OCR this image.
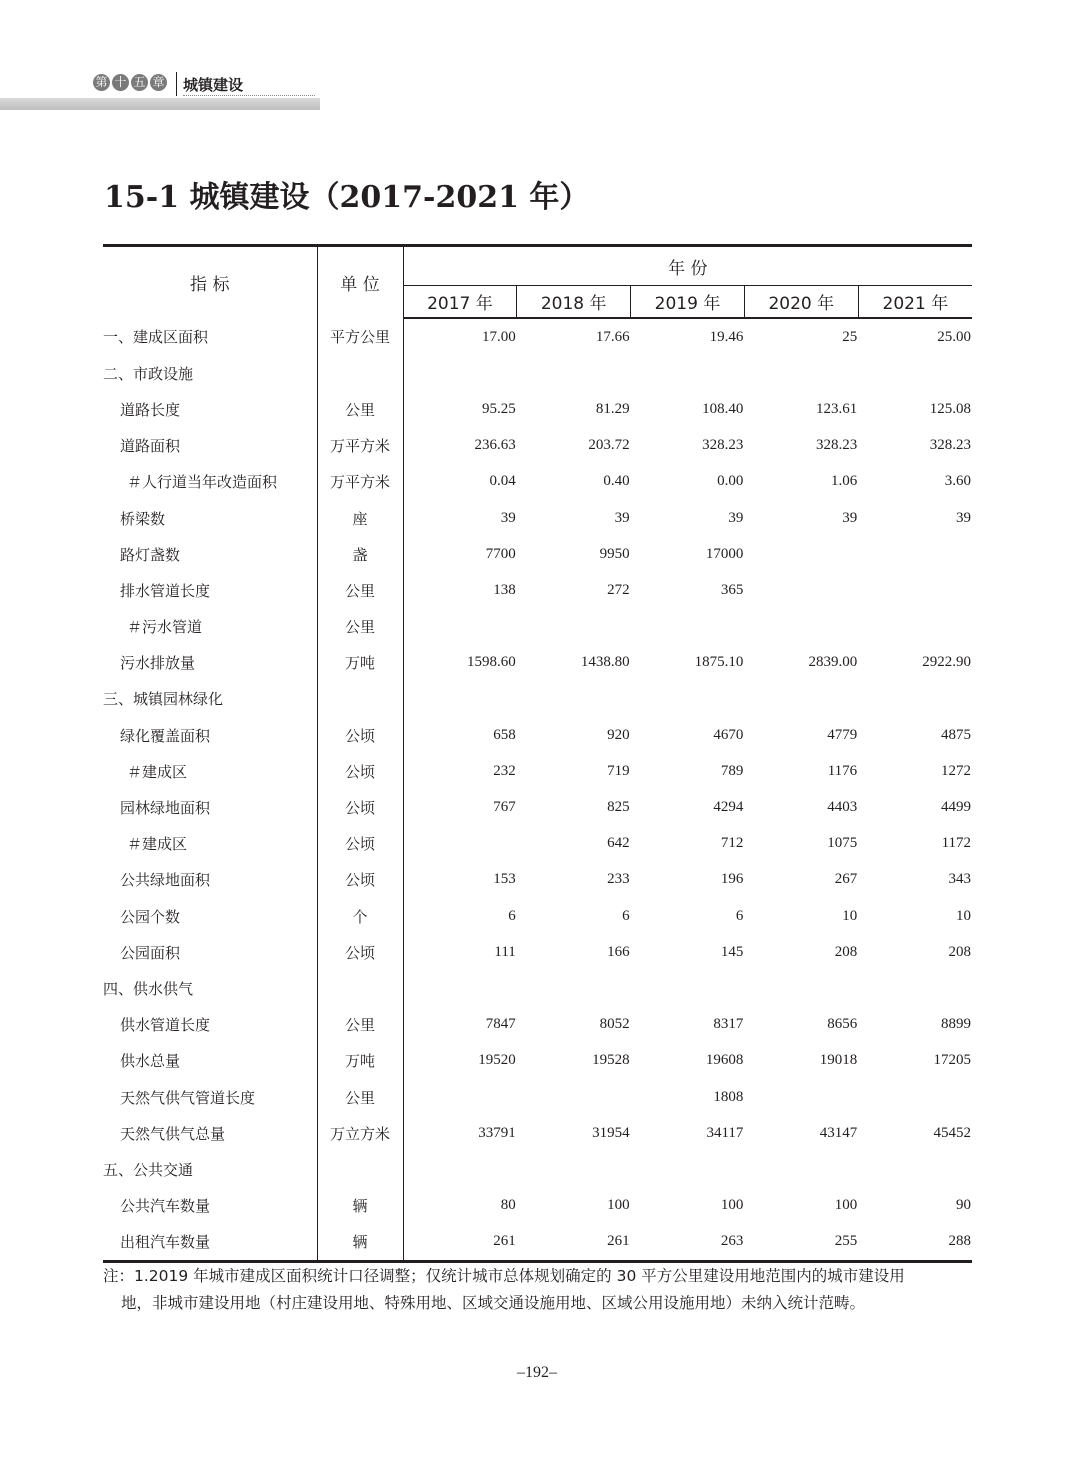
第 十 五 章 城镇建设
15-1 城镇建设（2017-2021 年）
指 标	单 位	年 份				
		2017 年	2018 年	2019 年	2020 年	2021 年
一、建成区面积	平方公里	17.00	17.66	19.46	25	25.00
二、市政设施						
道路长度	公里	95.25	81.29	108.40	123.61	125.08
道路面积	万平方米	236.63	203.72	328.23	328.23	328.23
＃人行道当年改造面积	万平方米	0.04	0.40	0.00	1.06	3.60
桥梁数	座	39	39	39	39	39
路灯盏数	盏	7700	9950	17000		
排水管道长度	公里	138	272	365		
＃污水管道	公里					
污水排放量	万吨	1598.60	1438.80	1875.10	2839.00	2922.90
三、城镇园林绿化						
绿化覆盖面积	公顷	658	920	4670	4779	4875
＃建成区	公顷	232	719	789	1176	1272
园林绿地面积	公顷	767	825	4294	4403	4499
＃建成区	公顷		642	712	1075	1172
公共绿地面积	公顷	153	233	196	267	343
公园个数	个	6	6	6	10	10
公园面积	公顷	111	166	145	208	208
四、供水供气						
供水管道长度	公里	7847	8052	8317	8656	8899
供水总量	万吨	19520	19528	19608	19018	17205
天然气供气管道长度	公里			1808		
天然气供气总量	万立方米	33791	31954	34117	43147	45452
五、公共交通						
公共汽车数量	辆	80	100	100	100	90
出租汽车数量	辆	261	261	263	255	288
注：1.2019 年城市建成区面积统计口径调整；仅统计城市总体规划确定的 30 平方公里建设用地范围内的城市建设用
地，非城市建设用地（村庄建设用地、特殊用地、区域交通设施用地、区域公用设施用地）未纳入统计范畴。
–192–
